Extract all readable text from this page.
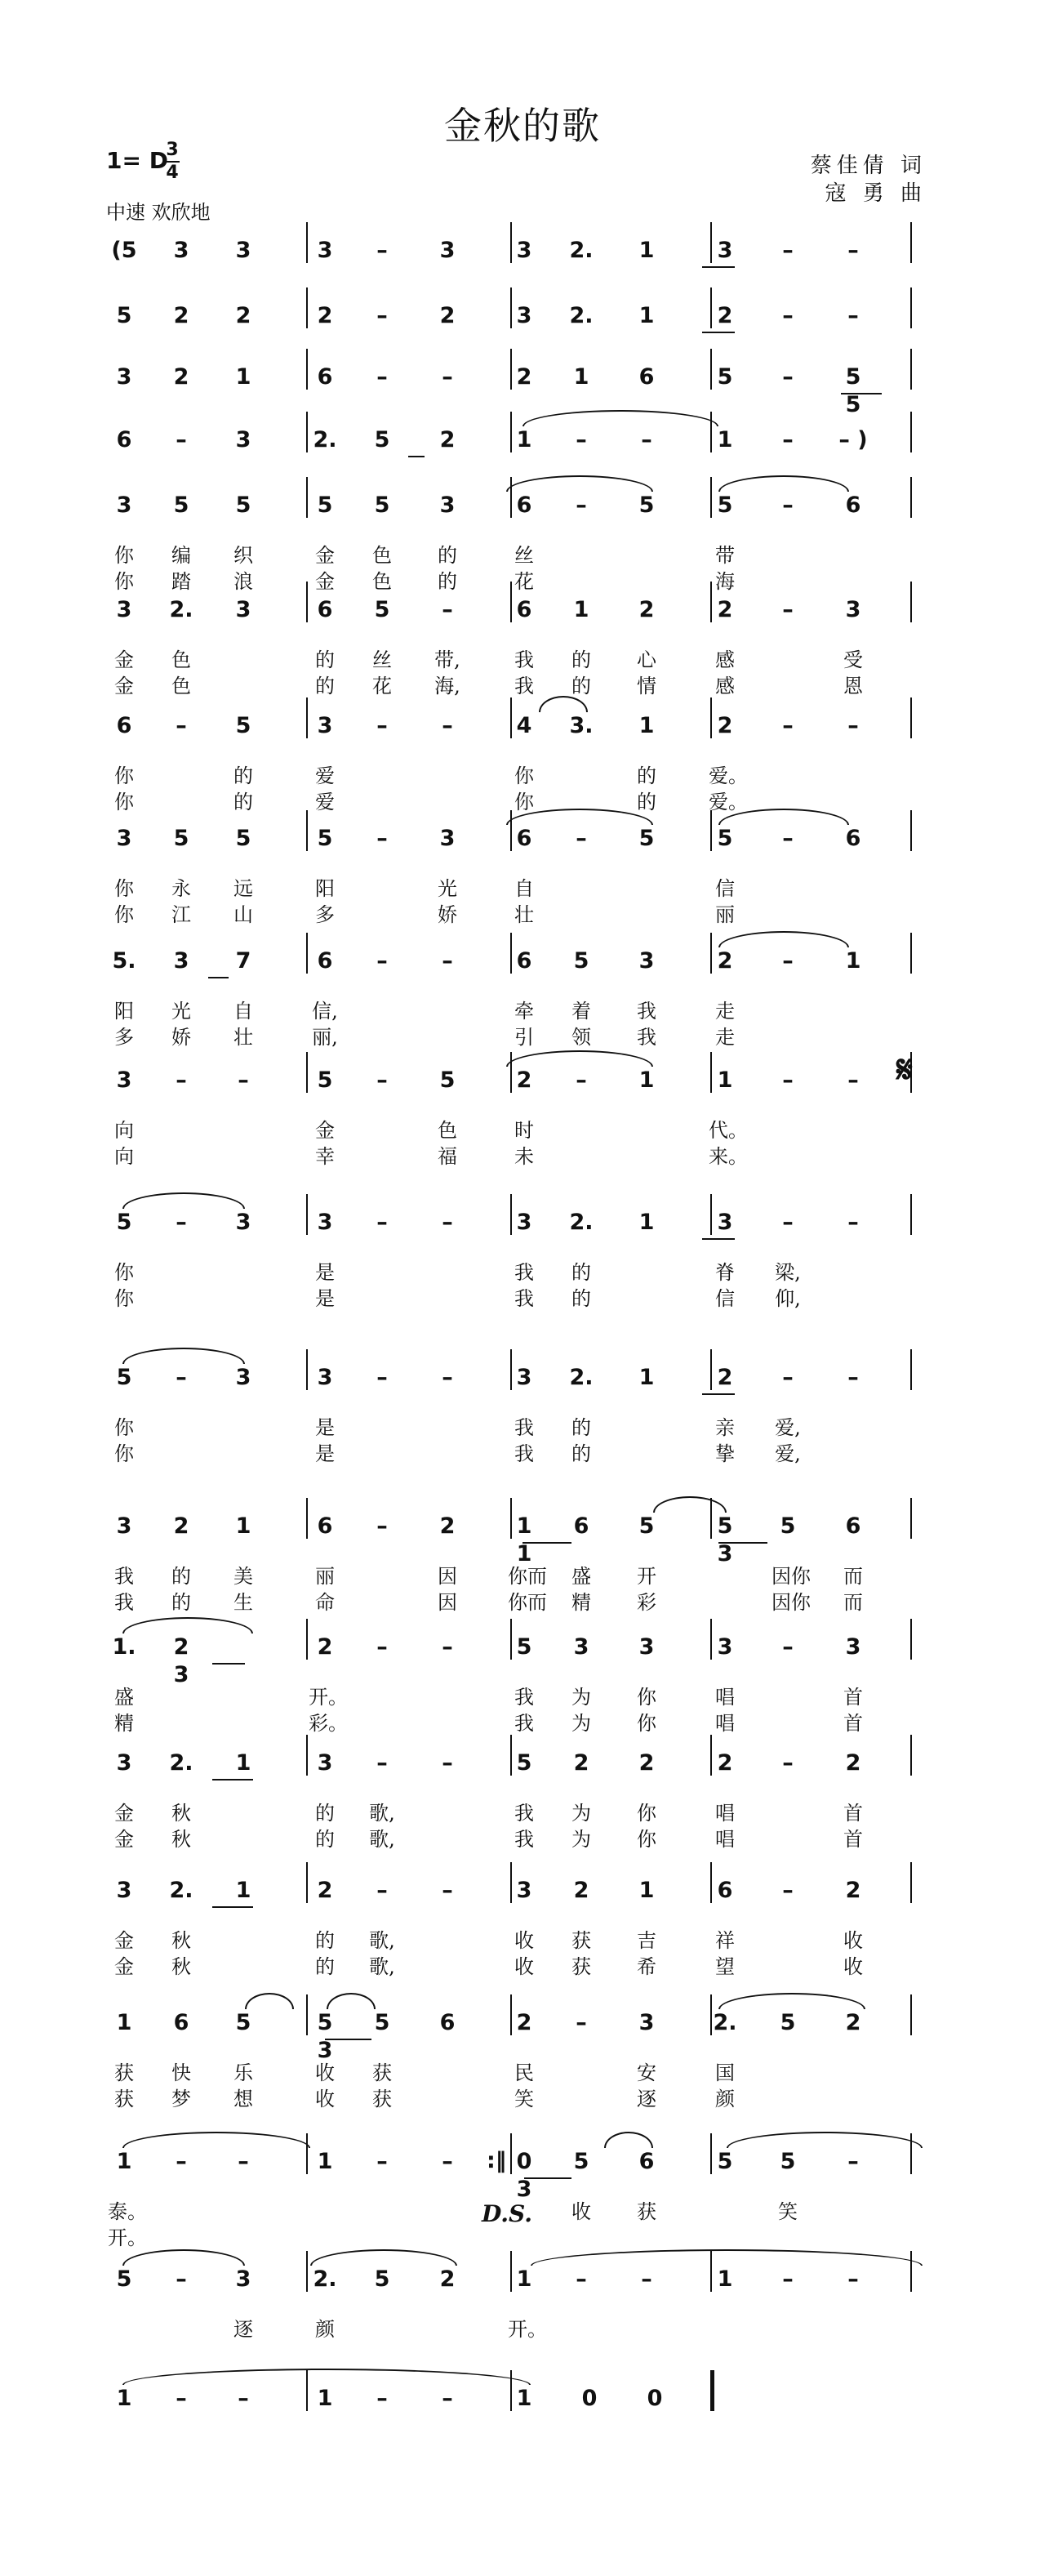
金秋的歌
1= D
3
4
中速 欢欣地
蔡佳倩 词
寇 勇 曲
(5	3	3	3	–	3	3	2.	1	3	–	–
5	2	2	2	–	2	3	2.	1	2	–	–
3	2	1	6	–	–	2	1	6	5	–	5 5
6	–	3	2.	5	2	1	–	–	1	–	– )
3	5	5	5	5	3	6	–	5	5	–	6
你	编	织	金	色	的	丝	带
你	踏	浪	金	色	的	花	海
3	2.	3	6	5	–	6	1	2	2	–	3
金	色	的	丝	带,	我	的	心	感	受
金	色	的	花	海,	我	的	情	感	恩
6	–	5	3	–	–	4	3.	1	2	–	–
你	的	爱	你	的	爱。
你	的	爱	你	的	爱。
3	5	5	5	–	3	6	–	5	5	–	6
你	永	远	阳	光	自	信
你	江	山	多	娇	壮	丽
5.	3	7	6	–	–	6	5	3	2	–	1
阳	光	自	信,	牵	着	我	走
多	娇	壮	丽,	引	领	我	走
3	–	–	5	–	5	2	–	1	1	–	–
向	金	色	时	代。
向	幸	福	未	来。
5	–	3	3	–	–	3	2.	1	3	–	–
你	是	我	的	脊	梁,
你	是	我	的	信	仰,
5	–	3	3	–	–	3	2.	1	2	–	–
你	是	我	的	亲	爱,
你	是	我	的	挚	爱,
3	2	1	6	–	2	1 1
6	5	5 3
5	6
我	的	美	丽	因	你而	盛	开	因你	而
我	的	生	命	因	你而	精	彩	因你	而
1.	2 3
2	–	–	5	3	3	3	–	3
盛	开。	我	为	你	唱	首
精	彩。	我	为	你	唱	首
3	2.	1	3	–	–	5	2	2	2	–	2
金	秋	的	歌,	我	为	你	唱	首
金	秋	的	歌,	我	为	你	唱	首
3	2.	1	2	–	–	3	2	1	6	–	2
金	秋	的	歌,	收	获	吉	祥	收
金	秋	的	歌,	收	获	希	望	收
1	6	5	5 3
5	6	2	–	3	2.	5	2
获	快	乐	收	获	民	安	国
获	梦	想	收	获	笑	逐	颜
1	–	–	1	–	–	0 3
5	6	5	5	–
泰。	收	获	笑
开。
5	–	3	2.	5	2	1	–	–	1	–	–
逐	颜	开。
1	–	–	1	–	–	1	0	0
:‖
D.S.
𝄋
